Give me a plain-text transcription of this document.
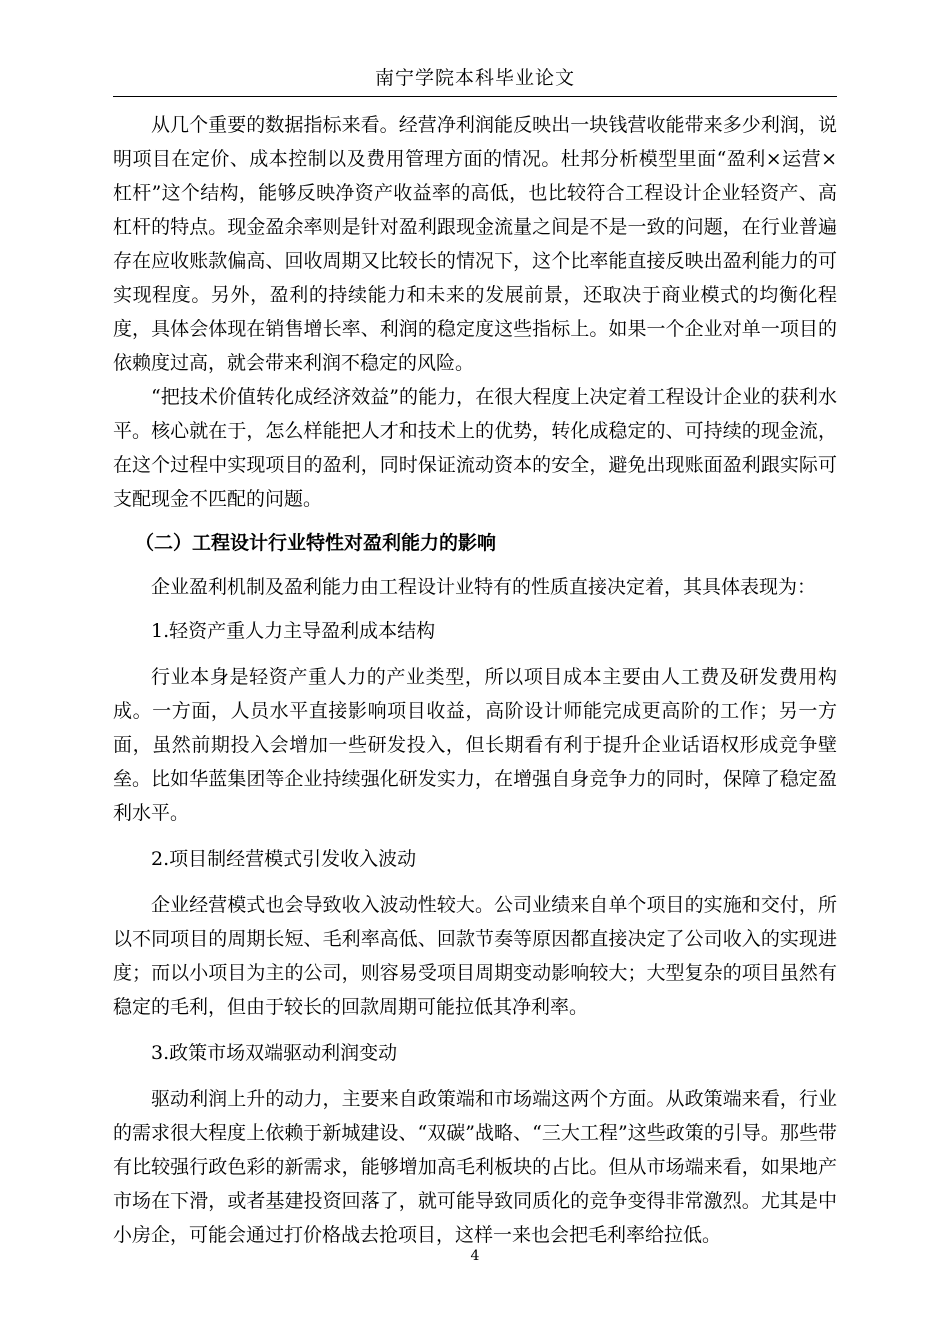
南宁学院本科毕业论文

从几个重要的数据指标来看。经营净利润能反映出一块钱营收能带来多少利润，说明项目在定价、成本控制以及费用管理方面的情况。杜邦分析模型里面“盈利×运营×杠杆”这个结构，能够反映净资产收益率的高低，也比较符合工程设计企业轻资产、高杠杆的特点。现金盈余率则是针对盈利跟现金流量之间是不是一致的问题，在行业普遍存在应收账款偏高、回收周期又比较长的情况下，这个比率能直接反映出盈利能力的可实现程度。另外，盈利的持续能力和未来的发展前景，还取决于商业模式的均衡化程度，具体会体现在销售增长率、利润的稳定度这些指标上。如果一个企业对单一项目的依赖度过高，就会带来利润不稳定的风险。

“把技术价值转化成经济效益”的能力，在很大程度上决定着工程设计企业的获利水平。核心就在于，怎么样能把人才和技术上的优势，转化成稳定的、可持续的现金流，在这个过程中实现项目的盈利，同时保证流动资本的安全，避免出现账面盈利跟实际可支配现金不匹配的问题。

（二）工程设计行业特性对盈利能力的影响

企业盈利机制及盈利能力由工程设计业特有的性质直接决定着，其具体表现为：

1.轻资产重人力主导盈利成本结构

行业本身是轻资产重人力的产业类型，所以项目成本主要由人工费及研发费用构成。一方面，人员水平直接影响项目收益，高阶设计师能完成更高阶的工作；另一方面，虽然前期投入会增加一些研发投入，但长期看有利于提升企业话语权形成竞争壁垒。比如华蓝集团等企业持续强化研发实力，在增强自身竞争力的同时，保障了稳定盈利水平。

2.项目制经营模式引发收入波动

企业经营模式也会导致收入波动性较大。公司业绩来自单个项目的实施和交付，所以不同项目的周期长短、毛利率高低、回款节奏等原因都直接决定了公司收入的实现进度；而以小项目为主的公司，则容易受项目周期变动影响较大；大型复杂的项目虽然有稳定的毛利，但由于较长的回款周期可能拉低其净利率。

3.政策市场双端驱动利润变动

驱动利润上升的动力，主要来自政策端和市场端这两个方面。从政策端来看，行业的需求很大程度上依赖于新城建设、“双碳”战略、“三大工程”这些政策的引导。那些带有比较强行政色彩的新需求，能够增加高毛利板块的占比。但从市场端来看，如果地产市场在下滑，或者基建投资回落了，就可能导致同质化的竞争变得非常激烈。尤其是中小房企，可能会通过打价格战去抢项目，这样一来也会把毛利率给拉低。

4
